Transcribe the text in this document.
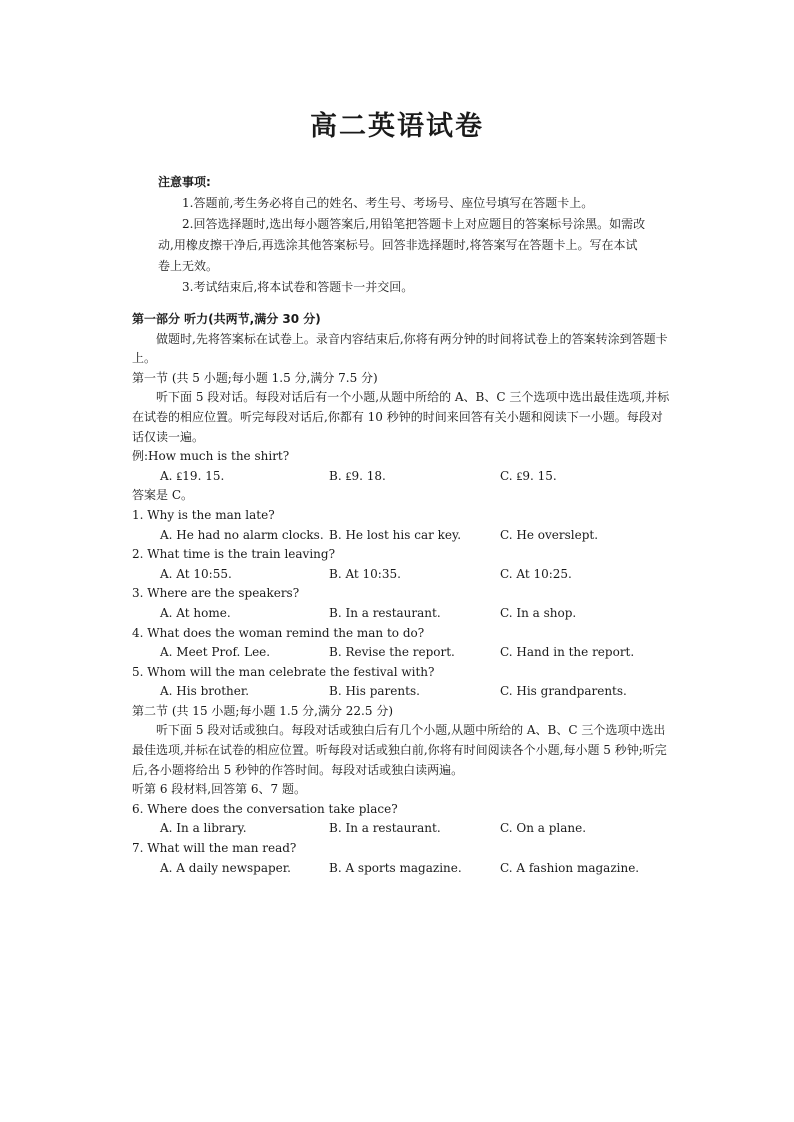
高二英语试卷

注意事项:

1.答题前,考生务必将自己的姓名、考生号、考场号、座位号填写在答题卡上。

2.回答选择题时,选出每小题答案后,用铅笔把答题卡上对应题目的答案标号涂黑。如需改动,用橡皮擦干净后,再选涂其他答案标号。回答非选择题时,将答案写在答题卡上。写在本试卷上无效。

3.考试结束后,将本试卷和答题卡一并交回。

第一部分 听力(共两节,满分 30 分)

做题时,先将答案标在试卷上。录音内容结束后,你将有两分钟的时间将试卷上的答案转涂到答题卡上。

第一节 (共 5 小题;每小题 1.5 分,满分 7.5 分)

听下面 5 段对话。每段对话后有一个小题,从题中所给的 A、B、C 三个选项中选出最佳选项,并标在试卷的相应位置。听完每段对话后,你都有 10 秒钟的时间来回答有关小题和阅读下一小题。每段对话仅读一遍。

例:How much is the shirt?

A. ₤19. 15.	B. ₤9. 18.	C. ₤9. 15.

答案是 C。

1. Why is the man late?

A. He had no alarm clocks. B. He lost his car key.	C. He overslept.

2. What time is the train leaving?

A. At 10:55.	B. At 10:35.	C. At 10:25.

3. Where are the speakers?

A. At home.	B. In a restaurant.	C. In a shop.

4. What does the woman remind the man to do?

A. Meet Prof. Lee.	B. Revise the report.	C. Hand in the report.

5. Whom will the man celebrate the festival with?

A. His brother.	B. His parents.	C. His grandparents.

第二节 (共 15 小题;每小题 1.5 分,满分 22.5 分)

听下面 5 段对话或独白。每段对话或独白后有几个小题,从题中所给的 A、B、C 三个选项中选出最佳选项,并标在试卷的相应位置。听每段对话或独白前,你将有时间阅读各个小题,每小题 5 秒钟;听完后,各小题将给出 5 秒钟的作答时间。每段对话或独白读两遍。

听第 6 段材料,回答第 6、7 题。

6. Where does the conversation take place?

A. In a library.	B. In a restaurant.	C. On a plane.

7. What will the man read?

A. A daily newspaper.	B. A sports magazine.	C. A fashion magazine.
